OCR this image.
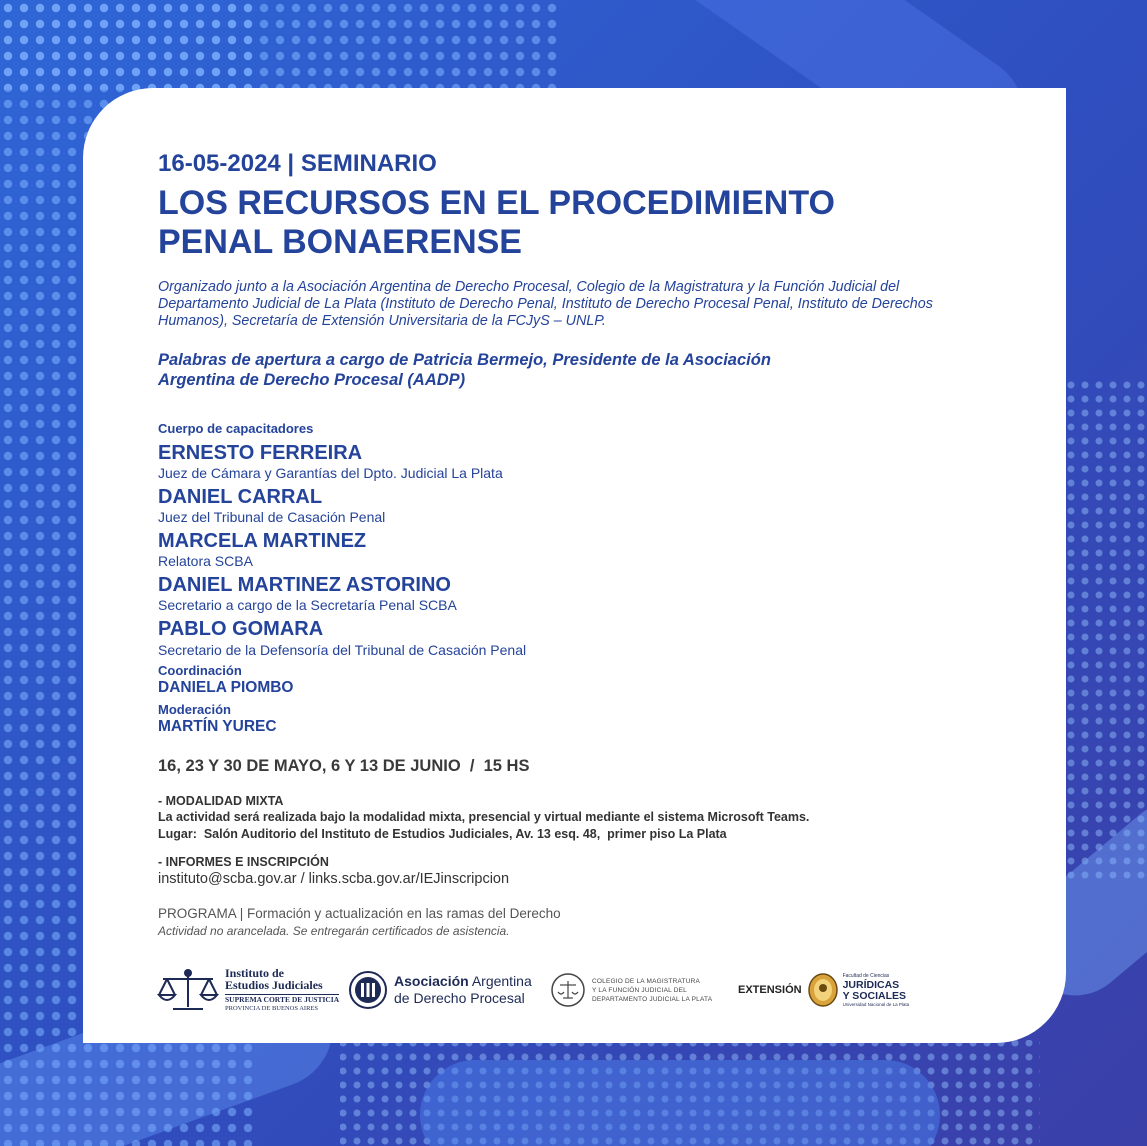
16-05-2024 | SEMINARIO
LOS RECURSOS EN EL PROCEDIMIENTO
PENAL BONAERENSE
Organizado junto a la Asociación Argentina de Derecho Procesal, Colegio de la Magistratura y la Función Judicial del Departamento Judicial de La Plata (Instituto de Derecho Penal, Instituto de Derecho Procesal Penal, Instituto de Derechos Humanos), Secretaría de Extensión Universitaria de la FCJyS – UNLP.
Palabras de apertura a cargo de Patricia Bermejo, Presidente de la Asociación
Argentina de Derecho Procesal (AADP)
Cuerpo de capacitadores
ERNESTO FERREIRA
Juez de Cámara y Garantías del Dpto. Judicial La Plata
DANIEL CARRAL
Juez del Tribunal de Casación Penal
MARCELA MARTINEZ
Relatora SCBA
DANIEL MARTINEZ ASTORINO
Secretario a cargo de la Secretaría Penal SCBA
PABLO GOMARA
Secretario de la Defensoría del Tribunal de Casación Penal
Coordinación
DANIELA PIOMBO
Moderación
MARTÍN YUREC
16, 23 Y 30 DE MAYO, 6 Y 13 DE JUNIO  /  15 HS
- MODALIDAD MIXTA
La actividad será realizada bajo la modalidad mixta, presencial y virtual mediante el sistema Microsoft Teams.
Lugar:  Salón Auditorio del Instituto de Estudios Judiciales, Av. 13 esq. 48,  primer piso La Plata
- INFORMES E INSCRIPCIÓN
instituto@scba.gov.ar / links.scba.gov.ar/IEJinscripcion
PROGRAMA | Formación y actualización en las ramas del Derecho
Actividad no arancelada. Se entregarán certificados de asistencia.
Instituto de
Estudios Judiciales
SUPREMA CORTE DE JUSTICIA
PROVINCIA DE BUENOS AIRES
Asociación Argentina
de Derecho Procesal
COLEGIO DE LA MAGISTRATURA
Y LA FUNCIÓN JUDICIAL DEL
DEPARTAMENTO JUDICIAL LA PLATA
EXTENSIÓN
Facultad de Ciencias
JURÍDICAS
Y SOCIALES
Universidad Nacional de La Plata
